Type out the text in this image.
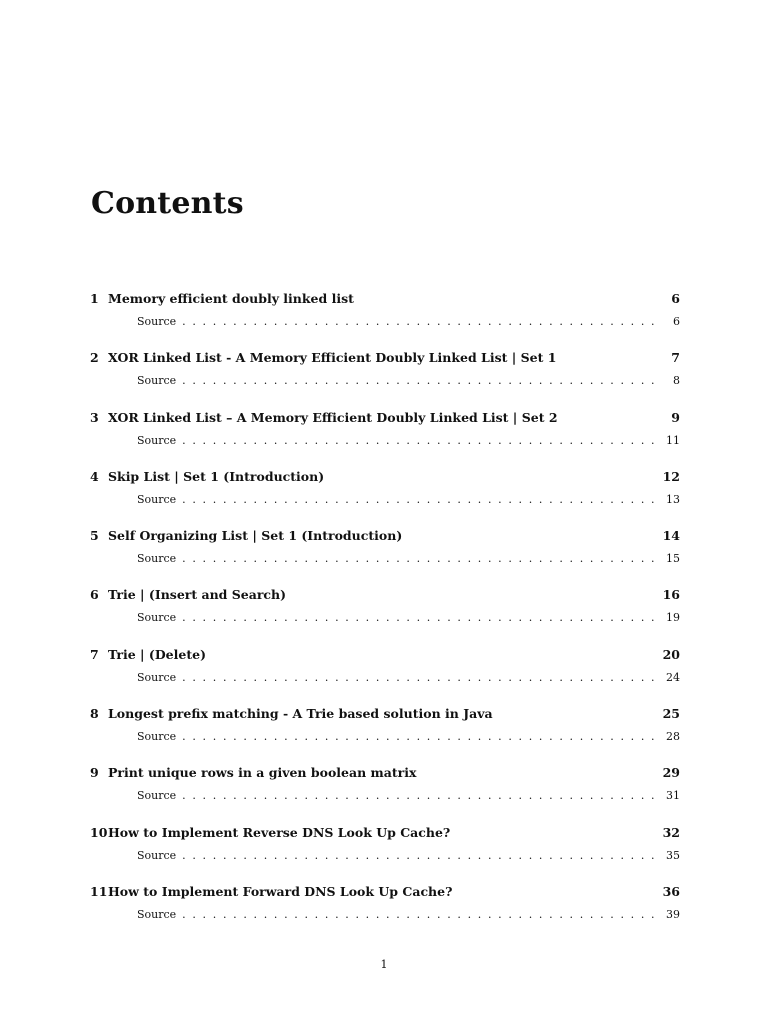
Contents
1 Memory efficient doubly linked list	6
Source . . .	6
2 XOR Linked List - A Memory Efficient Doubly Linked List | Set 1	7
Source . . .	8
3 XOR Linked List – A Memory Efficient Doubly Linked List | Set 2	9
Source . . .	11
4 Skip List | Set 1 (Introduction)	12
Source . . .	13
5 Self Organizing List | Set 1 (Introduction)	14
Source . . .	15
6 Trie | (Insert and Search)	16
Source . . .	19
7 Trie | (Delete)	20
Source . . .	24
8 Longest prefix matching - A Trie based solution in Java	25
Source . . .	28
9 Print unique rows in a given boolean matrix	29
Source . . .	31
10 How to Implement Reverse DNS Look Up Cache?	32
Source . . .	35
11 How to Implement Forward DNS Look Up Cache?	36
Source . . .	39
1
